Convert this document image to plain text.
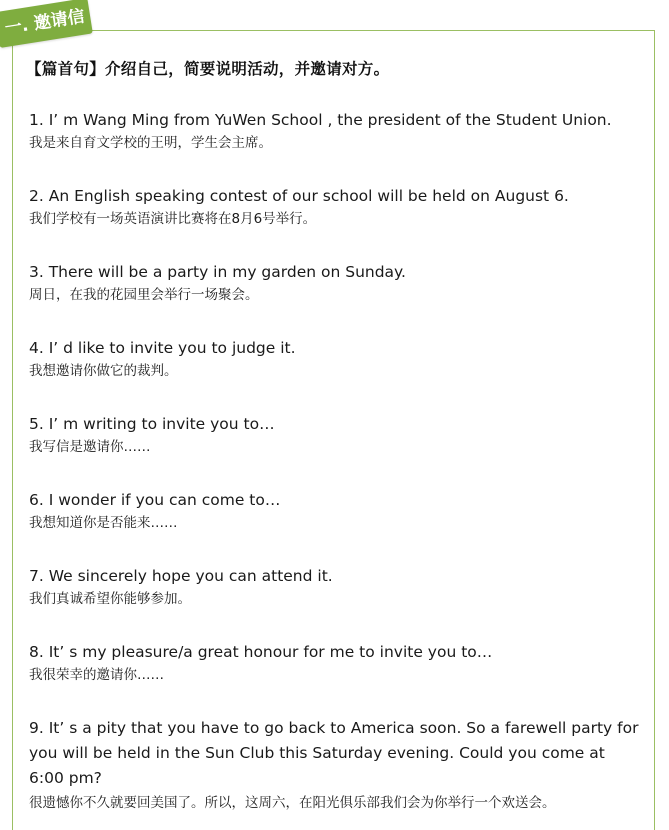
一. 邀请信
【篇首句】介绍自己，简要说明活动，并邀请对方。
1. I’ m Wang Ming from YuWen School , the president of the Student Union.
我是来自育文学校的王明，学生会主席。
2. An English speaking contest of our school will be held on August 6.
我们学校有一场英语演讲比赛将在8月6号举行。
3. There will be a party in my garden on Sunday.
周日，在我的花园里会举行一场聚会。
4. I’ d like to invite you to judge it.
我想邀请你做它的裁判。
5. I’ m writing to invite you to…
我写信是邀请你……
6. I wonder if you can come to…
我想知道你是否能来……
7. We sincerely hope you can attend it.
我们真诚希望你能够参加。
8. It’ s my pleasure/a great honour for me to invite you to…
我很荣幸的邀请你……
9. It’ s a pity that you have to go back to America soon. So a farewell party for you will be held in the Sun Club this Saturday evening. Could you come at 6:00 pm?
很遗憾你不久就要回美国了。所以，这周六，在阳光俱乐部我们会为你举行一个欢送会。
